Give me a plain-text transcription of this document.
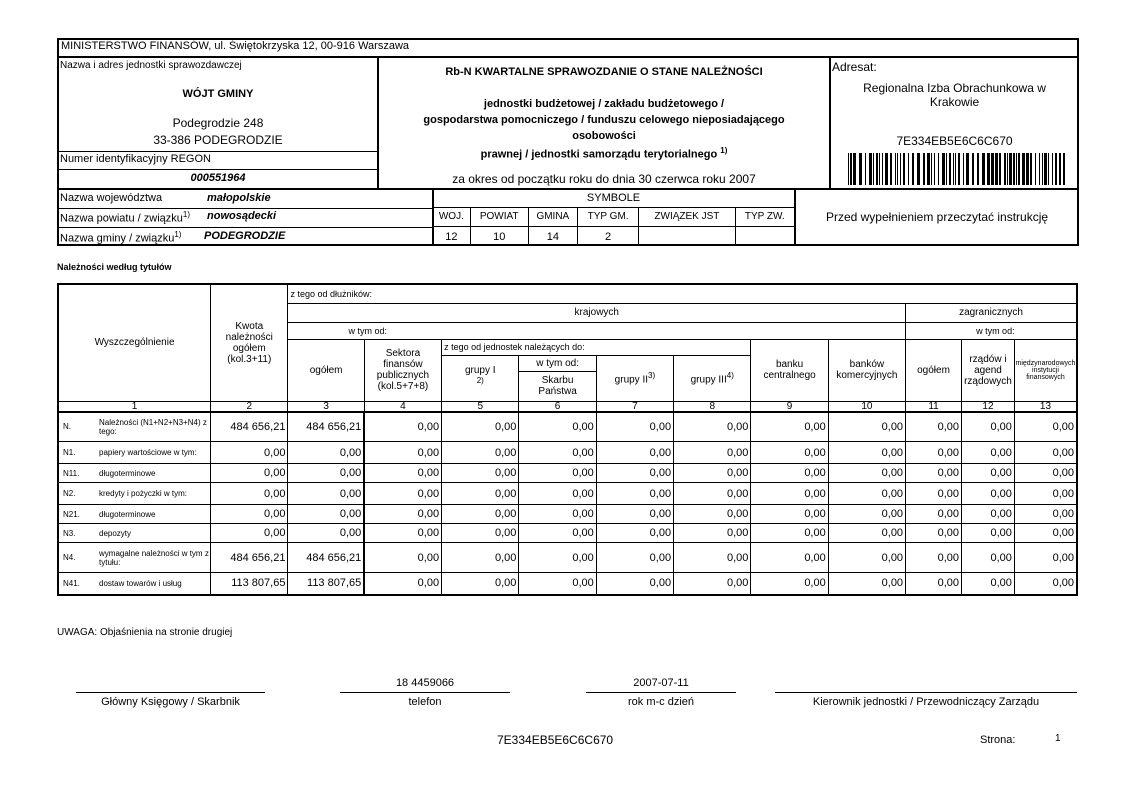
MINISTERSTWO FINANSÓW, ul. Świętokrzyska 12, 00-916 Warszawa
Nazwa i adres jednostki sprawozdawczej
WÓJT GMINY
Podegrodzie 248
33-386 PODEGRODZIE
Numer identyfikacyjny REGON
000551964
Rb-N KWARTALNE SPRAWOZDANIE O STANE NALEŻNOŚCI
jednostki budżetowej / zakładu budżetowego /
gospodarstwa pomocniczego / funduszu celowego nieposiadającego
osobowości
prawnej / jednostki samorządu terytorialnego $^{1)}$
za okres od początku roku do dnia 30 czerwca roku 2007
Adresat:
Regionalna Izba Obrachunkowa w
Krakowie
7E334EB5E6C6C670
Nazwa województwa	małopolskie
Nazwa powiatu / związku$^{1)}$ nowosądecki
Nazwa gminy / związku$^{1)}$ PODEGRODZIE
SYMBOLE					
WOJ.	POWIAT	GMINA	TYP GM.	ZWIĄZEK JST	TYP ZW.
12	10	14	2		
Przed wypełnieniem przeczytać instrukcję
Należności według tytułów
Wyszczególnienie	Kwota należności ogółem (kol.3+11)	z tego od dłużników:										
		krajowych								zagranicznych		
		w tym od:								w tym od:		
		ogółem	Sektora finansów publicznych (kol.5+7+8)	z tego od jednostek należących do:				banku centralnego	banków komercyjnych	ogółem	rządów i agend rządowych	międzynarodowych instytucji finansowych
				grupy I
$^{2)}$	w tym od:	grupy II$^{3)}$	grupy III$^{4)}$
					Skarbu Państwa							
1	2	3	4	5	6	7	8	9	10	11	12	13

N. Należności (N1+N2+N3+N4) z tego:	484 656,21	484 656,21	0,00	0,00	0,00	0,00	0,00	0,00	0,00	0,00	0,00	0,00

N1. papiery wartościowe w tym:	0,00	0,00	0,00	0,00	0,00	0,00	0,00	0,00	0,00	0,00	0,00	0,00

N11. długoterminowe	0,00	0,00	0,00	0,00	0,00	0,00	0,00	0,00	0,00	0,00	0,00	0,00

N2. kredyty i pożyczki w tym:	0,00	0,00	0,00	0,00	0,00	0,00	0,00	0,00	0,00	0,00	0,00	0,00

N21. długoterminowe	0,00	0,00	0,00	0,00	0,00	0,00	0,00	0,00	0,00	0,00	0,00	0,00

N3. depozyty	0,00	0,00	0,00	0,00	0,00	0,00	0,00	0,00	0,00	0,00	0,00	0,00

N4. wymagalne należności w tym z tytułu:	484 656,21	484 656,21	0,00	0,00	0,00	0,00	0,00	0,00	0,00	0,00	0,00	0,00

N41. dostaw towarów i usług	113 807,65	113 807,65	0,00	0,00	0,00	0,00	0,00	0,00	0,00	0,00	0,00	0,00
UWAGA: Objaśnienia na stronie drugiej
18 4459066	2007-07-11
Główny Księgowy / Skarbnik	telefon	rok m-c dzień	Kierownik jednostki / Przewodniczący Zarządu
7E334EB5E6C6C670	Strona:	1
